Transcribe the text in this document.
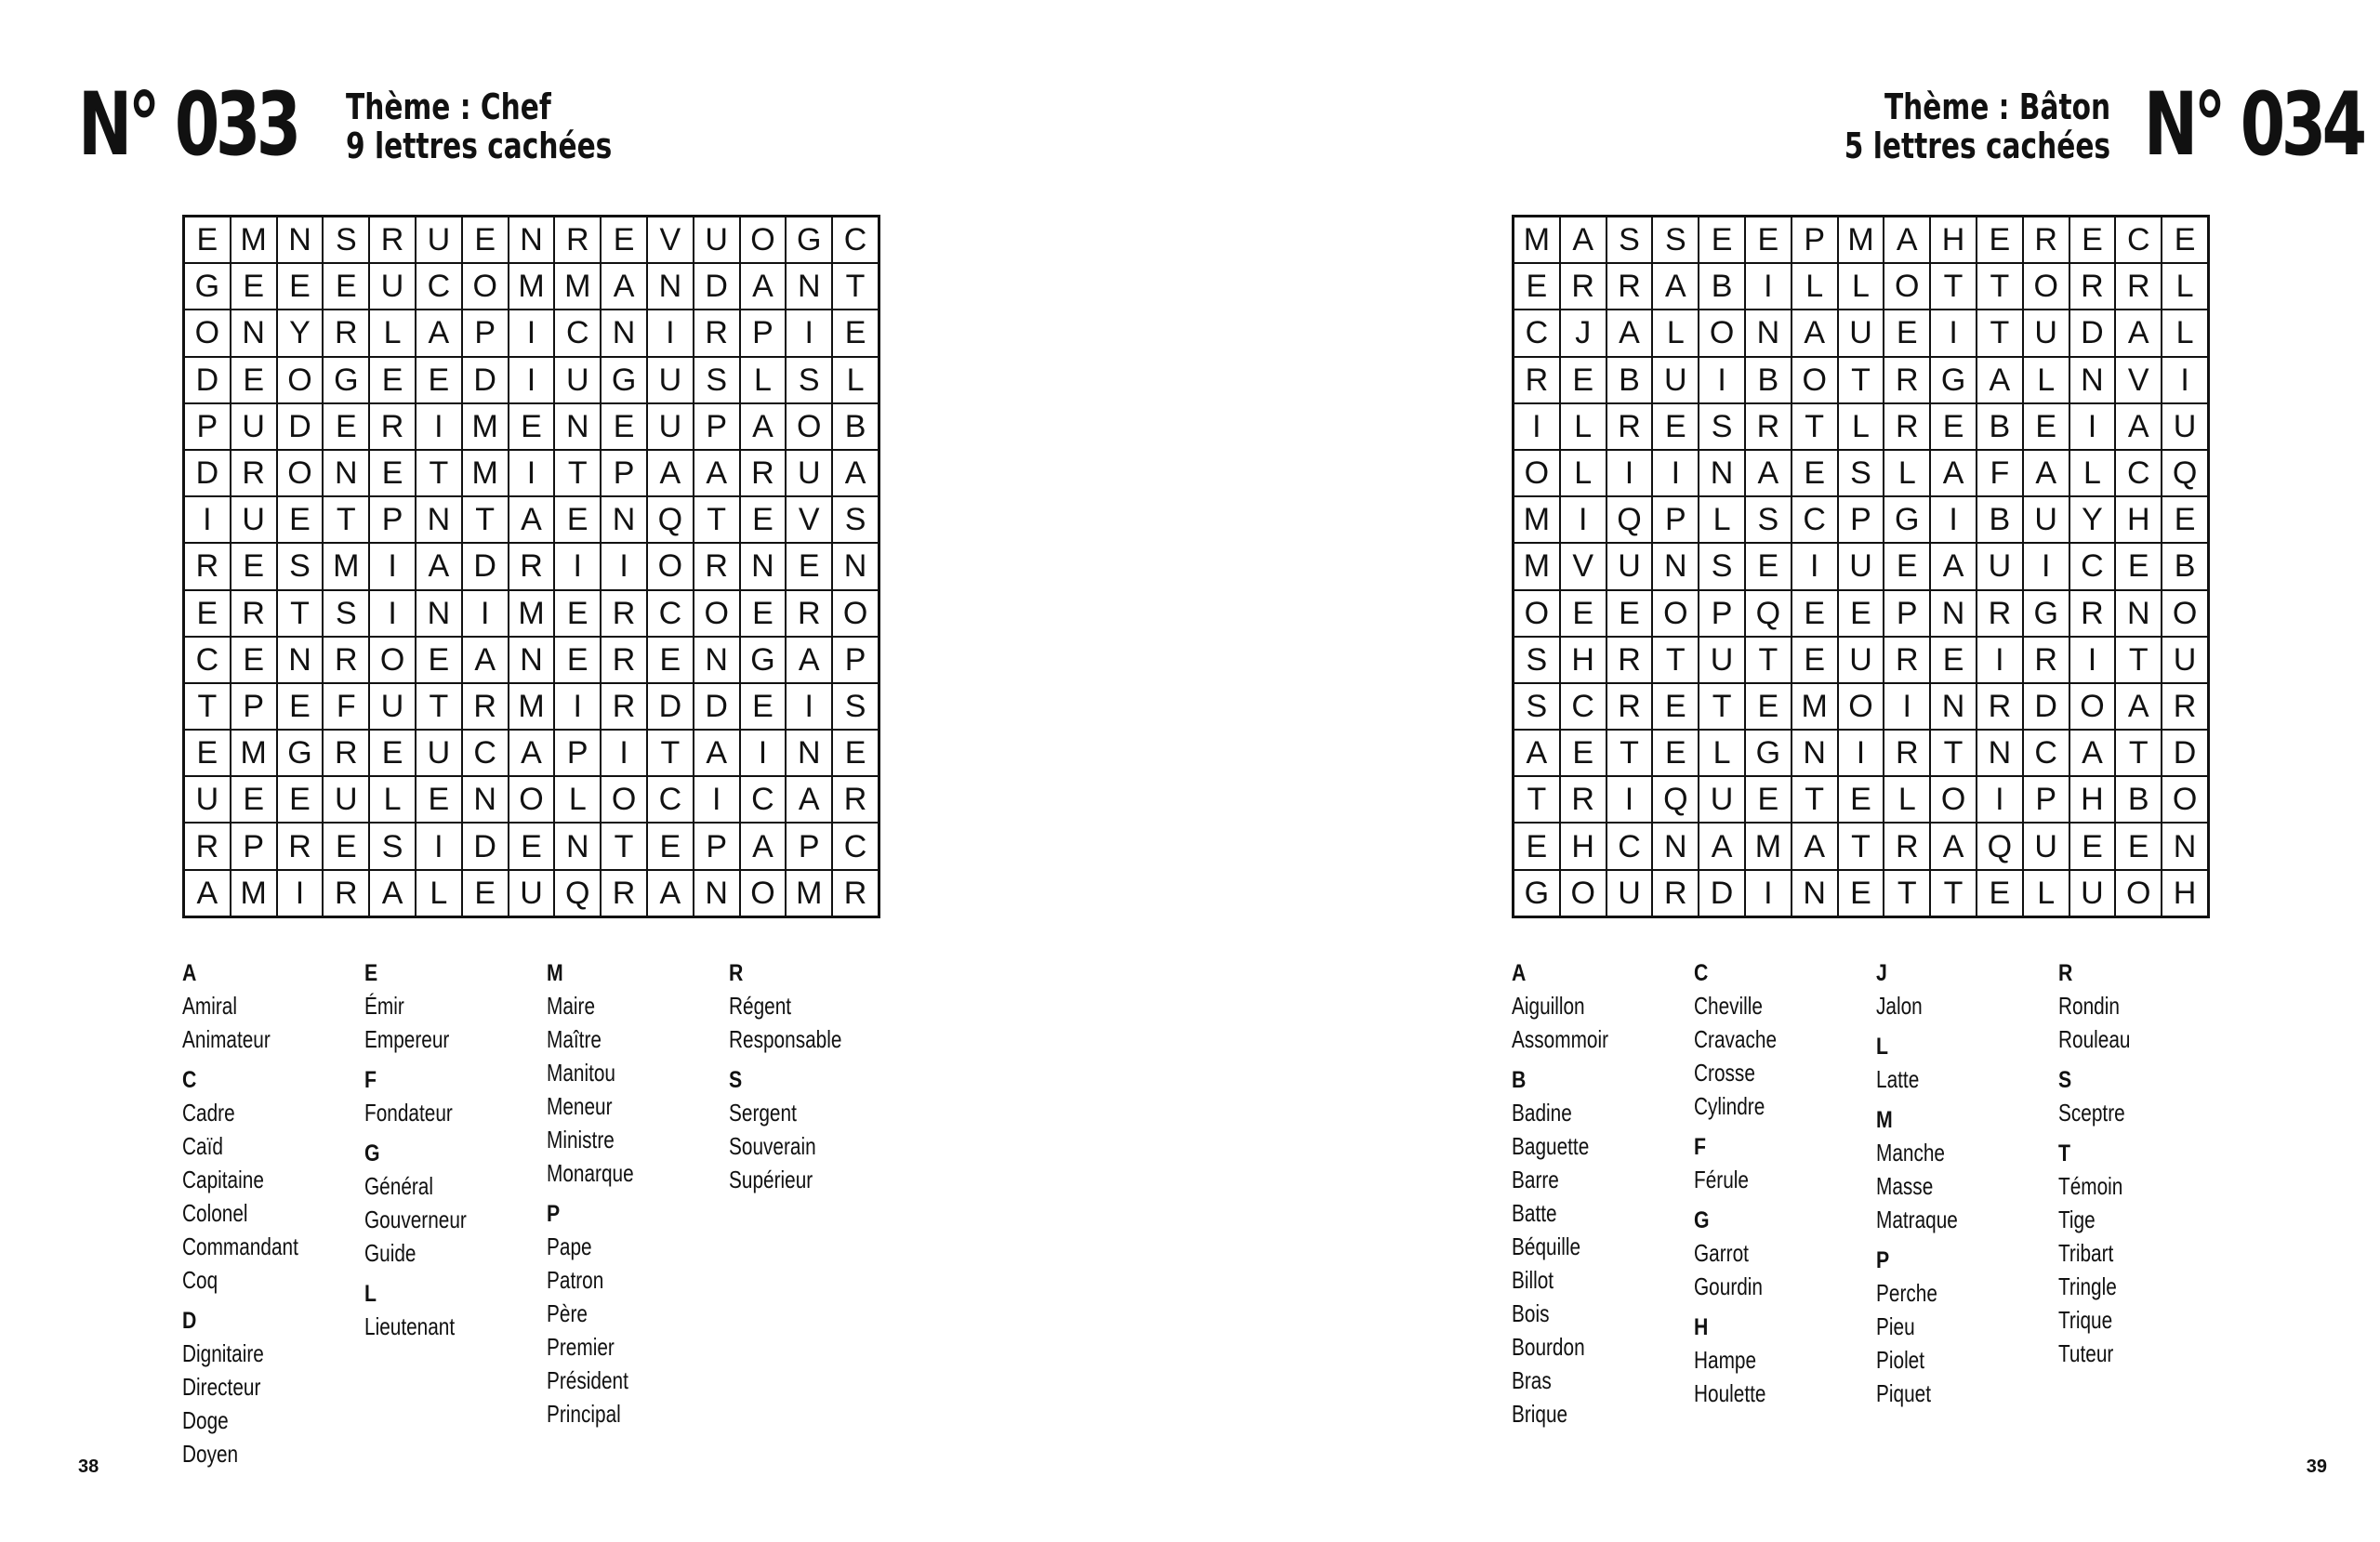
N° 033 Thème : Chef
9 lettres cachées
E	M	N	S	R	U	E	N	R	E	V	U	O	G	C
G	E	E	E	U	C	O	M	M	A	N	D	A	N	T
O	N	Y	R	L	A	P	I	C	N	I	R	P	I	E
D	E	O	G	E	E	D	I	U	G	U	S	L	S	L
P	U	D	E	R	I	M	E	N	E	U	P	A	O	B
D	R	O	N	E	T	M	I	T	P	A	A	R	U	A
I	U	E	T	P	N	T	A	E	N	Q	T	E	V	S
R	E	S	M	I	A	D	R	I	I	O	R	N	E	N
E	R	T	S	I	N	I	M	E	R	C	O	E	R	O
C	E	N	R	O	E	A	N	E	R	E	N	G	A	P
T	P	E	F	U	T	R	M	I	R	D	D	E	I	S
E	M	G	R	E	U	C	A	P	I	T	A	I	N	E
U	E	E	U	L	E	N	O	L	O	C	I	C	A	R
R	P	R	E	S	I	D	E	N	T	E	P	A	P	C
A	M	I	R	A	L	E	U	Q	R	A	N	O	M	R
A
Amiral
Animateur
C
Cadre
Caïd
Capitaine
Colonel
Commandant
Coq
D
Dignitaire
Directeur
Doge
Doyen
E
Émir
Empereur
F
Fondateur
G
Général
Gouverneur
Guide
L
Lieutenant
M
Maire
Maître
Manitou
Meneur
Ministre
Monarque
P
Pape
Patron
Père
Premier
Président
Principal
R
Régent
Responsable
S
Sergent
Souverain
Supérieur
38
Thème : Bâton
5 lettres cachées N° 034
M	A	S	S	E	E	P	M	A	H	E	R	E	C	E
E	R	R	A	B	I	L	L	O	T	T	O	R	R	L
C	J	A	L	O	N	A	U	E	I	T	U	D	A	L
R	E	B	U	I	B	O	T	R	G	A	L	N	V	I
I	L	R	E	S	R	T	L	R	E	B	E	I	A	U
O	L	I	I	N	A	E	S	L	A	F	A	L	C	Q
M	I	Q	P	L	S	C	P	G	I	B	U	Y	H	E
M	V	U	N	S	E	I	U	E	A	U	I	C	E	B
O	E	E	O	P	Q	E	E	P	N	R	G	R	N	O
S	H	R	T	U	T	E	U	R	E	I	R	I	T	U
S	C	R	E	T	E	M	O	I	N	R	D	O	A	R
A	E	T	E	L	G	N	I	R	T	N	C	A	T	D
T	R	I	Q	U	E	T	E	L	O	I	P	H	B	O
E	H	C	N	A	M	A	T	R	A	Q	U	E	E	N
G	O	U	R	D	I	N	E	T	T	E	L	U	O	H
A
Aiguillon
Assommoir
B
Badine
Baguette
Barre
Batte
Béquille
Billot
Bois
Bourdon
Bras
Brique
C
Cheville
Cravache
Crosse
Cylindre
F
Férule
G
Garrot
Gourdin
H
Hampe
Houlette
J
Jalon
L
Latte
M
Manche
Masse
Matraque
P
Perche
Pieu
Piolet
Piquet
R
Rondin
Rouleau
S
Sceptre
T
Témoin
Tige
Tribart
Tringle
Trique
Tuteur
39
